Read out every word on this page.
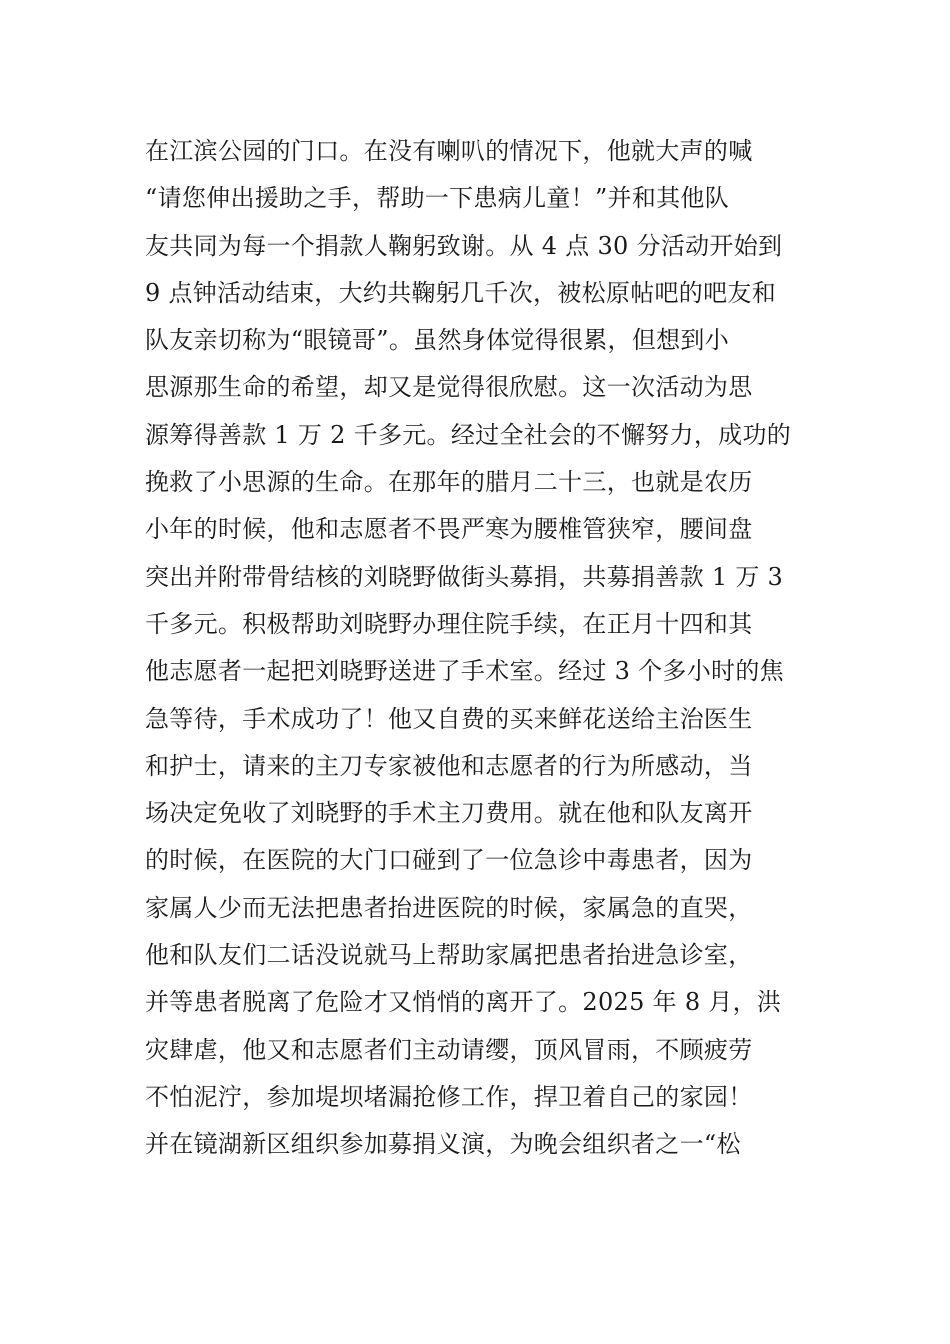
在江滨公园的门口。在没有喇叭的情况下，他就大声的喊
“请您伸出援助之手，帮助一下患病儿童！”并和其他队
友共同为每一个捐款人鞠躬致谢。从 4 点 30 分活动开始到
9 点钟活动结束，大约共鞠躬几千次，被松原帖吧的吧友和
队友亲切称为“眼镜哥”。虽然身体觉得很累，但想到小
思源那生命的希望，却又是觉得很欣慰。这一次活动为思
源筹得善款 1 万 2 千多元。经过全社会的不懈努力，成功的
挽救了小思源的生命。在那年的腊月二十三，也就是农历
小年的时候，他和志愿者不畏严寒为腰椎管狭窄，腰间盘
突出并附带骨结核的刘晓野做街头募捐，共募捐善款 1 万 3
千多元。积极帮助刘晓野办理住院手续，在正月十四和其
他志愿者一起把刘晓野送进了手术室。经过 3 个多小时的焦
急等待，手术成功了！他又自费的买来鲜花送给主治医生
和护士，请来的主刀专家被他和志愿者的行为所感动，当
场决定免收了刘晓野的手术主刀费用。就在他和队友离开
的时候，在医院的大门口碰到了一位急诊中毒患者，因为
家属人少而无法把患者抬进医院的时候，家属急的直哭，
他和队友们二话没说就马上帮助家属把患者抬进急诊室，
并等患者脱离了危险才又悄悄的离开了。2025 年 8 月，洪
灾肆虐，他又和志愿者们主动请缨，顶风冒雨，不顾疲劳
不怕泥泞，参加堤坝堵漏抢修工作，捍卫着自己的家园！
并在镜湖新区组织参加募捐义演，为晚会组织者之一“松
